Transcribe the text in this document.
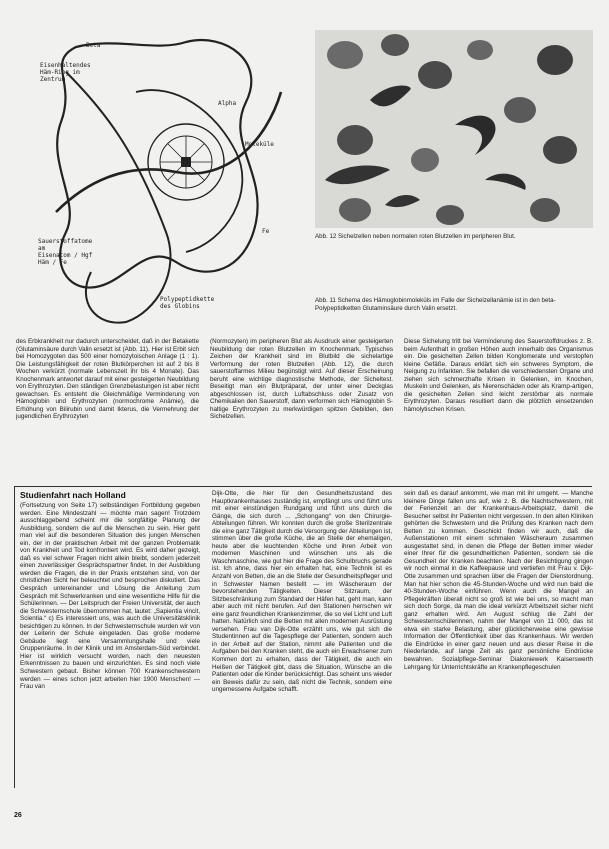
Beta
Eisenhaltendes
Häm-Ring im
Zentrum
Alpha
Moleküle
Fe
Sauerstoffatome
am
Eisenatom / Hgf
Häm / Fe
Polypeptidkette
des Globins
Abb. 12 Sichelzellen neben normalen roten Blutzellen im peripheren Blut.
Abb. 11 Schema des Hämoglobinmoleküls im Falle der Sichelzellanämie ist in den beta-Polypeptidketten Glutaminsäure durch Valin ersetzt.
des Erbkrankheit nur dadurch unterscheidet, daß in der Betakette (Glutaminsäure durch Valin ersetzt ist (Abb. 11). Hier ist Erbit sich bei Homozygoten das 500 einer homozytoischen Anlage (1 : 1). Die Leistungsfähigkeit der roten Blutkörperchen ist auf 2 bis 8 Wochen verkürzt (normale Lebenszeit ihr bis 4 Monate). Das Knochenmark antwortet darauf mit einer gesteigerten Neubildung von Erythrozyten. Den ständigen Grenzbelastungen ist aber nicht gewachsen. Es entsteht die Gleichmäßige Verminderung von Hämoglobin und Erythrozyten (normochrome Anämie), die Erhöhung von Bilirubin und damit Ikterus, die Vermehrung der jugendlichen Erythrozyten
(Normozyten) im peripheren Blut als Ausdruck einer gesteigerten Neubildung der roten Blutzellen im Knochenmark. Typisches Zeichen der Krankheit sind im Blutbild die sichelartige Verformung der roten Blutzellen (Abb. 12), die durch sauerstoffarmes Milieu begünstigt wird. Auf dieser Erscheinung beruht eine wichtige diagnostische Methode, der Sicheltest. Beseitigt man ein Blutpräparat, der unter einer Deckglas abgeschlossen ist, durch Luftabschluss oder Zusatz von Chemikalien den Sauerstoff, dann verformen sich Hämoglobin S-haltige Erythrozyten zu merkwürdigen spitzen Gebilden, den Sichelzellen.
Diese Sichelung tritt bei Verminderung des Sauerstoffdruckes z. B. beim Aufenthalt in großen Höhen auch innerhalb des Organismus ein. Die gesichelten Zellen bilden Konglomerate und verstopfen kleine Gefäße. Daraus erklärt sich ein schweres Symptom, die Neigung zu Infarkten. Sie befallen die verschiedensten Organe und ziehen sich schmerzhafte Krisen in Gelenken, im Knochen, Muskeln und Gelenken, als Nierenschäden oder als Kramp-artigen, die gesichelten Zellen sind leicht zerstörbar als normale Erythrozyten. Daraus resultiert dann die plötzlich einsetzenden hämolytischen Krisen.
Studienfahrt nach Holland
(Fortsetzung von Seite 17) selbständigen Fortbildung gegeben werden. Eine Mindestzahl — möchte man sagen! Trotzdem ausschlaggebend scheint mir die sorgfältige Planung der Ausbildung, sondern die auf die Menschen zu sein. Hier geht man viel auf die besonderen Situation des jungen Menschen ein, der in der praktischen Arbeit mit der ganzen Problematik von Krankheit und Tod konfrontiert wird. Es wird daher gezeigt, daß es viel schwer Fragen nicht allein bleibt, sondern jederzeit einen zuverlässiger Gesprächspartner findet. In der Ausbildung werden die Fragen, die in der Praxis entstehen sind, von der christlichen Sicht her beleuchtet und besprochen diskutiert. Das Gespräch untereinander und Lösung die Anleitung zum Gespräch mit Schwerkranken und eine wesentliche Hilfe für die Schülerinnen. — Der Leitspruch der Freien Universität, der auch die Schwesternschule übernommen hat, lautet: „Sapientia vincit, Scientia.“ c) Es interessiert uns, was auch die Universitätsklinik besichtigen zu können. In der Schwesternschule wurden wir von der Leiterin der Schule eingeladen. Das große moderne Gebäude liegt eine Versammlungshalle und viele Gruppenräume. In der Klinik und im Amsterdam-Süd verbindet. Hier ist wirklich versucht worden, nach den neuesten Erkenntnissen zu bauen und einzurichten. Es sind noch viele Schwestern gebaut. Bisher können 700 Krankenschwestern werden — eines schon jetzt arbeiten hier 1900 Menschen! — Frau van
Dijk-Otte, die hier für den Gesundheitszustand des Hauptkrankenhauses zuständig ist, empfängt uns und führt uns mit einer einstündigen Rundgang und führt uns durch die Gänge, die sich durch ... „Schongang“ von den Chirurgie-Abteilungen führen. Wir konnten durch die große Sterilzentrale die eine ganz Tätigkeit durch die Versorgung der Abteilungen ist, stimmen über die große Küche, die an Stelle der ehemaligen, heute aber die leuchtenden Köche und ihren Arbeit von modernen Maschinen und wünschen uns als die Waschmaschine, wie gut hier die Frage des Schulbruchs gerade ist. Ich ahne, dass hier ein erhalten hat, eine Technik ist es Anzahl von Betten, die an die Stelle der Gesundheitspfleger und in Schwester Namen bestellt — im Wäscheraum der bevorstehenden Tätigkeiten. Dieser Sitzraum, der Sitzbeschränkung zum Standard der Häfen hat, geht man, kann aber auch mit nicht berufen. Auf den Stationen herrschen wir eine ganz freundlichen Krankenzimmer, die so viel Licht und Luft hatten. Natürlich sind die Betten mit allen modernen Ausrüstung versehen. Frau van Dijk-Otte erzählt uns, wie gut sich die Studentinnen auf die Tagespflege der Patienten, sondern auch in der Arbeit auf der Station, nimmt alle Patienten und die Aufgaben bei den Kranken steht, die auch ein Erwachsener zum Kommen dort zu erhalten, dass der Tätigkeit, die auch ein Heißen der Tätigkeit gibt, dass die Situation, Wünsche an die Patienten oder die Kinder berücksichtigt. Das scheint uns wieder ein Beweis dafür zu sein, daß nicht die Technik, sondern eine ungemessene Aufgabe schafft.
sein daß es darauf ankommt, wie man mit ihr umgeht. — Manche kleinere Dinge fallen uns auf, wie z. B. die Nachtschwestern, mit der Ferienzeit an der Krankenhaus-Arbeitsplatz, damit die Besucher selbst ihr Patienten nicht vergessen. In den alten Kliniken gehörten die Schwestern und die Prüfung des Kranken nach dem Betten zu kommen. Geschickt finden wir auch, daß die Außenstationen mit einem schmalen Wäscheraum zusammen ausgestattet sind, in denen die Pflege der Betten immer wieder einer Ihrer für die gesundheitlichen Patienten, sondern sie die Gesundheit der Kranken beachten. Nach der Besichtigung gingen wir noch einmal in die Kaffeepause und vertiefen mit Frau v. Dijk-Otte zusammen und sprachen über die Fragen der Dienstordnung. Man hat hier schon die 45-Stunden-Woche und wird nun bald die 40-Stunden-Woche einführen. Wenn auch die Mangel an Pflegekräften überall nicht so groß ist wie bei uns, so macht man sich doch Sorge, da man die ideal verkürzt Arbeitszeit sicher nicht ganz erhalten wird. Am August schlug die Zahl der Schwesternschülerinnen, nahm der Mangel von 11 000, das ist etwa ein starke Belastung, aber glücklicherweise eine gewisse Information der Öffentlichkeit über das Krankenhaus. Wir werden die Eindrücke in einer ganz neuen und aus dieser Reise in die Niederlande, auf lange Zeit als ganz persönliche Eindrücke bewahren. Sozialpflege-Seminar Diakoniewerk Kaiserswerth Lehrgang für Unterrichtskräfte an Krankenpflegeschulen
26
